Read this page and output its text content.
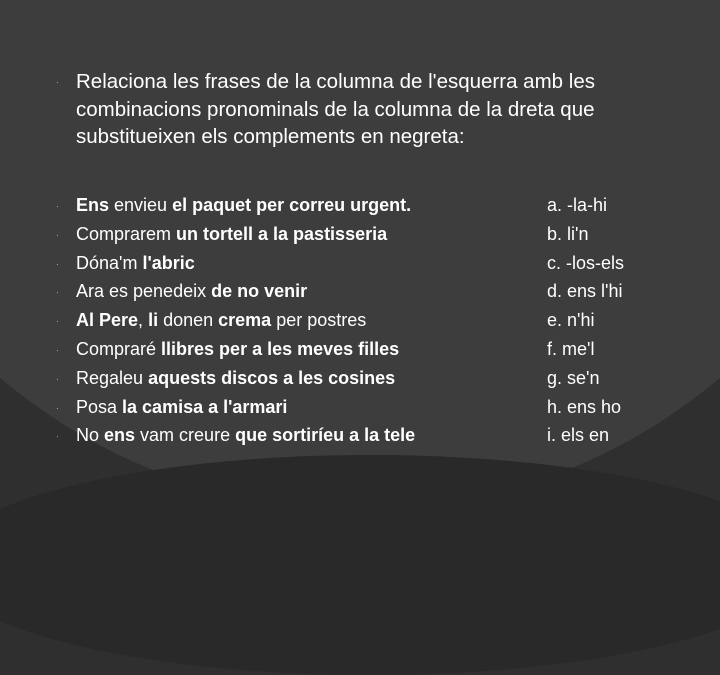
· Relaciona les frases de la columna de l'esquerra amb les combinacions pronominals de la columna de la dreta que substitueixen els complements en negreta:
· Ens envieu el paquet per correu urgent.	a. -la-hi
· Comprarem un tortell a la pastisseria	b. li'n
· Dóna'm l'abric	c. -los-els
· Ara es penedeix de no venir	d. ens l'hi
· Al Pere, li donen crema per postres	e. n'hi
· Compraré llibres per a les meves filles	f. me'l
· Regaleu aquests discos a les cosines	g. se'n
· Posa la camisa a l'armari	h. ens ho
· No ens vam creure que sortiríeu a la tele	i. els en
